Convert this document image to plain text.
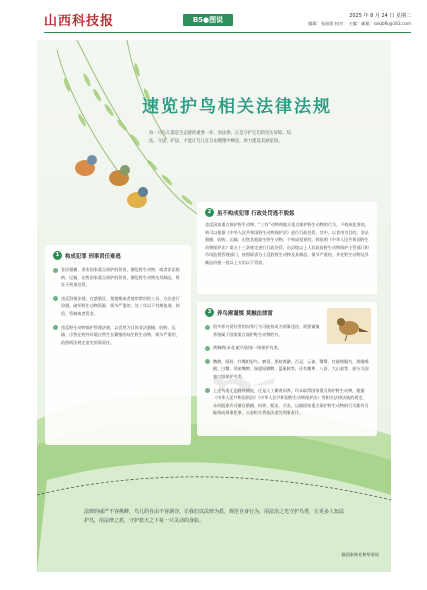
山西科技报	B5●图说	2025 年 8 月 24 日 星期二
编辑：张丽霞 校对： 主编：邮箱：sxkjbfk@163.com
速览护鸟相关法律法规
每一只鸟儿都是生态链的重要一环，而法律，正是守护它们的坚实屏障。知法、守法、护法，才能让鸟儿在自由翱翔中栖息，助力建设美丽家园。
2	虽不构成犯罪 行政处罚逃不脱惩
违反国家重点保护野生动物、“三有”动物和地方重点保护野生动物的行为，不构成犯罪的，则可以根据《中华人民共和国野生动物保护法》进行行政处罚。其中，以食用为目的，非法猎捕、收购、运输、出售其他陆生野生动物，不构成犯罪的，则依照《中华人民共和国野生动物保护法》第五十三条规定进行行政处罚。由县级以上人民政府野生动物保护主管部门和市场监督管理部门，按照职责分工没收野生动物及其制品，情节严重的，并处野生动物及其制品价值一倍以上五倍以下罚款。
1	构成犯罪 刑事责任难逃
非法猎捕、杀害国家重点保护的珍贵、濒危野生动物，或者非法收购、运输、出售国家重点保护的珍贵、濒危野生动物及其制品，将处于刑事处罚。
违反狩猎法规，在禁猎区、禁猎期或者使用禁用的工具、方法进行狩猎，破坏野生动物资源，情节严重的，处三年以下有期徒刑、拘役、管制或者罚金。
违反野生动物保护管理法规，以食用为目的非法猎捕、收购、运输、出售在野外环境自然生长繁殖的陆生野生动物，情节严重的，依照刑法规定追究刑事责任。
3	养鸟需谨慎 莫触法律雷
很多养鸟爱好者的饲养行为可能构成为刑事违法，需要谨慎养殖属于国家重点保护野生动物的鸟。
黄胸鹀(禾花雀)为国家一级保护鸟类。
鹦鹉、画眉、红嘴相思鸟、鹩哥、黑枕黄鹂、百灵、云雀、鹭鸶、红胁绣眼鸟、黑喉噪鹛、白鹭、领雀嘴鹎、绿翅短脚鹎、蓝矶鸫等，还有鹰隼、八哥、大山雀等，部分为国家二级保护鸟类。
上述鸟类无论野外捕捉，还是人工繁育饲养，均未取得国家重点保护野生动物，根据《中华人民共和国刑法》《中华人民共和国野生动物保护法》等相关法律法规的规定，未经批准许可擅自猎捕、饲养、贩卖、买卖、运输国家重点保护野生动物的行为都有可能构成刑事犯罪，公安机关将依法追究刑事责任。
法律的威严不容挑衅，鸟儿的自由不容剥夺。让我们以法律为盾，规范自身行为，用法治之光守护鸟类，让更多人知法护鸟，用法律之盾，守护蓝天之下每一只灵动的身影。
据国家林业和草原局
